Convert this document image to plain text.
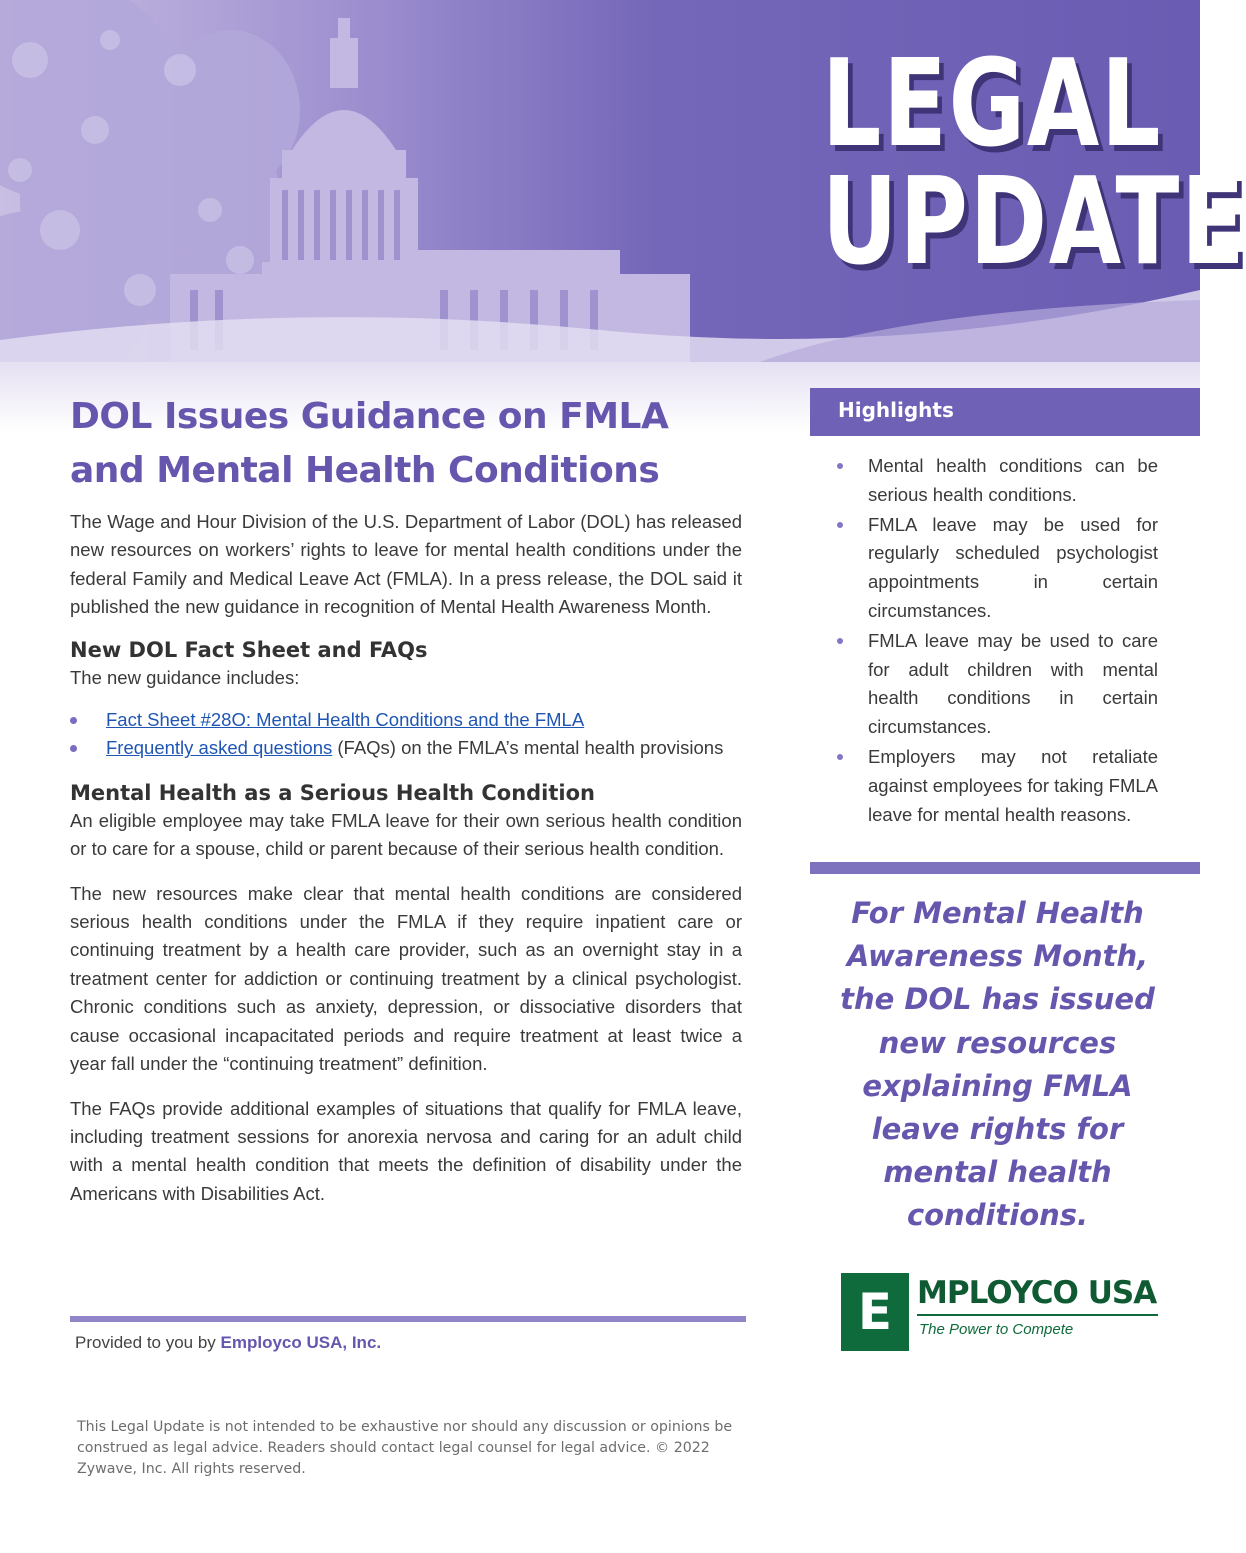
LEGAL
UPDATE
DOL Issues Guidance on FMLA
and Mental Health Conditions

The Wage and Hour Division of the U.S. Department of Labor (DOL) has released new resources on workers’ rights to leave for mental health conditions under the federal Family and Medical Leave Act (FMLA). In a press release, the DOL said it published the new guidance in recognition of Mental Health Awareness Month.

New DOL Fact Sheet and FAQs

The new guidance includes:

Fact Sheet #28O: Mental Health Conditions and the FMLA
Frequently asked questions (FAQs) on the FMLA’s mental health provisions
Mental Health as a Serious Health Condition

An eligible employee may take FMLA leave for their own serious health condition or to care for a spouse, child or parent because of their serious health condition.

The new resources make clear that mental health conditions are considered serious health conditions under the FMLA if they require inpatient care or continuing treatment by a health care provider, such as an overnight stay in a treatment center for addiction or continuing treatment by a clinical psychologist. Chronic conditions such as anxiety, depression, or dissociative disorders that cause occasional incapacitated periods and require treatment at least twice a year fall under the “continuing treatment” definition.

The FAQs provide additional examples of situations that qualify for FMLA leave, including treatment sessions for anorexia nervosa and caring for an adult child with a mental health condition that meets the definition of disability under the Americans with Disabilities Act.

Provided to you by Employco USA, Inc.

This Legal Update is not intended to be exhaustive nor should any discussion or opinions be construed as legal advice. Readers should contact legal counsel for legal advice. © 2022 Zywave, Inc. All rights reserved.

Highlights
Mental health conditions can be serious health conditions.
FMLA leave may be used for regularly scheduled psychologist appointments in certain circumstances.
FMLA leave may be used to care for adult children with mental health conditions in certain circumstances.
Employers may not retaliate against employees for taking FMLA leave for mental health reasons.

For Mental Health Awareness Month, the DOL has issued new resources explaining FMLA leave rights for mental health conditions.

E MPLOYCO USA
The Power to Compete
